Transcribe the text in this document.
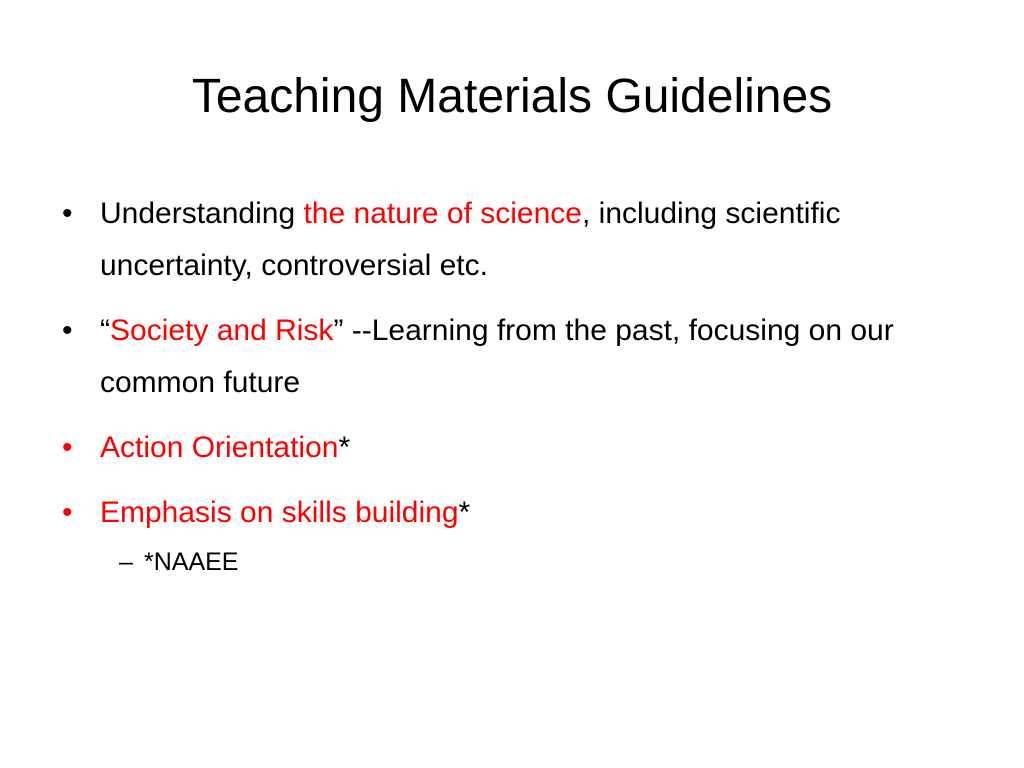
Teaching Materials Guidelines
• Understanding the nature of science, including scientific uncertainty, controversial etc.
• “Society and Risk” --Learning from the past, focusing on our common future
• Action Orientation*
• Emphasis on skills building*
– *NAAEE
